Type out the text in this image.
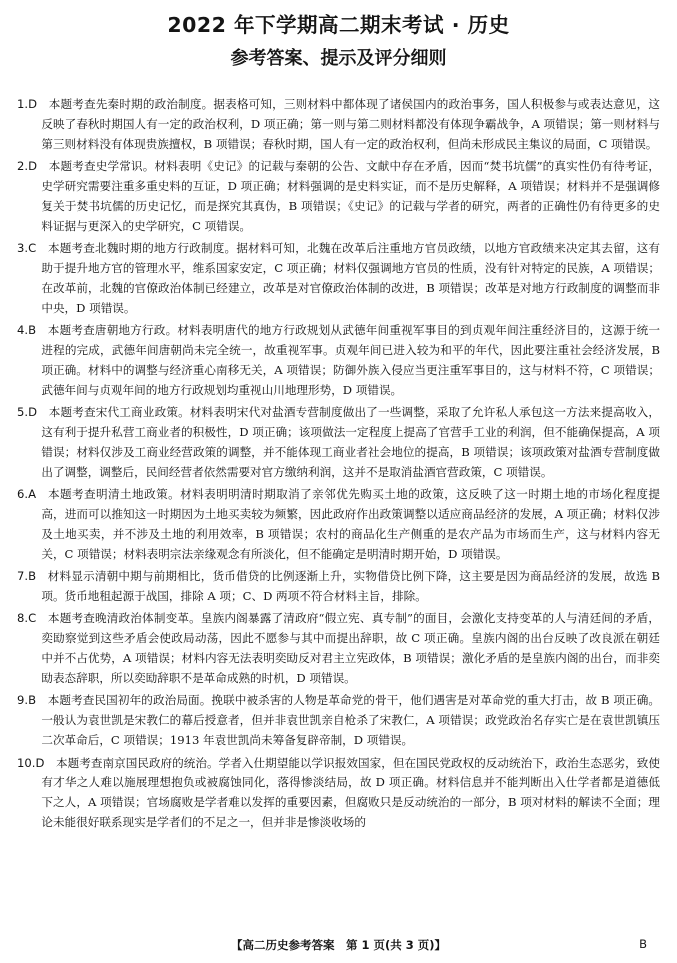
2022 年下学期高二期末考试 · 历史
参考答案、提示及评分细则

1.D  本题考查先秦时期的政治制度。据表格可知，三则材料中都体现了诸侯国内的政治事务，国人积极参与或表达意见，这反映了春秋时期国人有一定的政治权利，D 项正确；第一则与第二则材料都没有体现争霸战争，A 项错误；第一则材料与第三则材料没有体现贵族擅权，B 项错误；春秋时期，国人有一定的政治权利，但尚未形成民主集议的局面，C 项错误。

2.D  本题考查史学常识。材料表明《史记》的记载与秦朝的公告、文献中存在矛盾，因而“焚书坑儒”的真实性仍有待考证，史学研究需要注重多重史料的互证，D 项正确；材料强调的是史料实证，而不是历史解释，A 项错误；材料并不是强调修复关于焚书坑儒的历史记忆，而是探究其真伪，B 项错误；《史记》的记载与学者的研究，两者的正确性仍有待更多的史料证据与更深入的史学研究，C 项错误。

3.C  本题考查北魏时期的地方行政制度。据材料可知，北魏在改革后注重地方官员政绩，以地方官政绩来决定其去留，这有助于提升地方官的管理水平，维系国家安定，C 项正确；材料仅强调地方官员的性质，没有针对特定的民族，A 项错误；在改革前，北魏的官僚政治体制已经建立，改革是对官僚政治体制的改进，B 项错误；改革是对地方行政制度的调整而非中央，D 项错误。

4.B  本题考查唐朝地方行政。材料表明唐代的地方行政规划从武德年间重视军事目的到贞观年间注重经济目的，这源于统一进程的完成，武德年间唐朝尚未完全统一，故重视军事。贞观年间已进入较为和平的年代，因此要注重社会经济发展，B 项正确。材料中的调整与经济重心南移无关，A 项错误；防御外族入侵应当更注重军事目的，这与材料不符，C 项错误；武德年间与贞观年间的地方行政规划均重视山川地理形势，D 项错误。

5.D  本题考查宋代工商业政策。材料表明宋代对盐酒专营制度做出了一些调整，采取了允许私人承包这一方法来提高收入，这有利于提升私营工商业者的积极性，D 项正确；该项做法一定程度上提高了官营手工业的利润，但不能确保提高，A 项错误；材料仅涉及工商业经营政策的调整，并不能体现工商业者社会地位的提高，B 项错误；该项政策对盐酒专营制度做出了调整，调整后，民间经营者依然需要对官方缴纳利润，这并不是取消盐酒官营政策，C 项错误。

6.A  本题考查明清土地政策。材料表明明清时期取消了亲邻优先购买土地的政策，这反映了这一时期土地的市场化程度提高，进而可以推知这一时期因为土地买卖较为频繁，因此政府作出政策调整以适应商品经济的发展，A 项正确；材料仅涉及土地买卖，并不涉及土地的利用效率，B 项错误；农村的商品化生产侧重的是农产品为市场而生产，这与材料内容无关，C 项错误；材料表明宗法亲缘观念有所淡化，但不能确定是明清时期开始，D 项错误。

7.B  材料显示清朝中期与前期相比，货币借贷的比例逐渐上升，实物借贷比例下降，这主要是因为商品经济的发展，故选 B 项。货币地租起源于战国，排除 A 项；C、D 两项不符合材料主旨，排除。

8.C  本题考查晚清政治体制变革。皇族内阁暴露了清政府“假立宪、真专制”的面目，会激化支持变革的人与清廷间的矛盾，奕劻察觉到这些矛盾会使政局动荡，因此不愿参与其中而提出辞职，故 C 项正确。皇族内阁的出台反映了改良派在朝廷中并不占优势，A 项错误；材料内容无法表明奕劻反对君主立宪政体，B 项错误；激化矛盾的是皇族内阁的出台，而非奕劻表态辞职，所以奕劻辞职不是革命成熟的时机，D 项错误。

9.B  本题考查民国初年的政治局面。挽联中被杀害的人物是革命党的骨干，他们遇害是对革命党的重大打击，故 B 项正确。一般认为袁世凯是宋教仁的幕后授意者，但并非袁世凯亲自枪杀了宋教仁，A 项错误；政党政治名存实亡是在袁世凯镇压二次革命后，C 项错误；1913 年袁世凯尚未筹备复辟帝制，D 项错误。

10.D  本题考查南京国民政府的统治。学者入仕期望能以学识报效国家，但在国民党政权的反动统治下，政治生态恶劣，致使有才华之人难以施展理想抱负或被腐蚀同化，落得惨淡结局，故 D 项正确。材料信息并不能判断出入仕学者都是道德低下之人，A 项错误；官场腐败是学者难以发挥的重要因素，但腐败只是反动统治的一部分，B 项对材料的解读不全面；理论未能很好联系现实是学者们的不足之一，但并非是惨淡收场的

【高二历史参考答案　第 1 页(共 3 页)】	B
